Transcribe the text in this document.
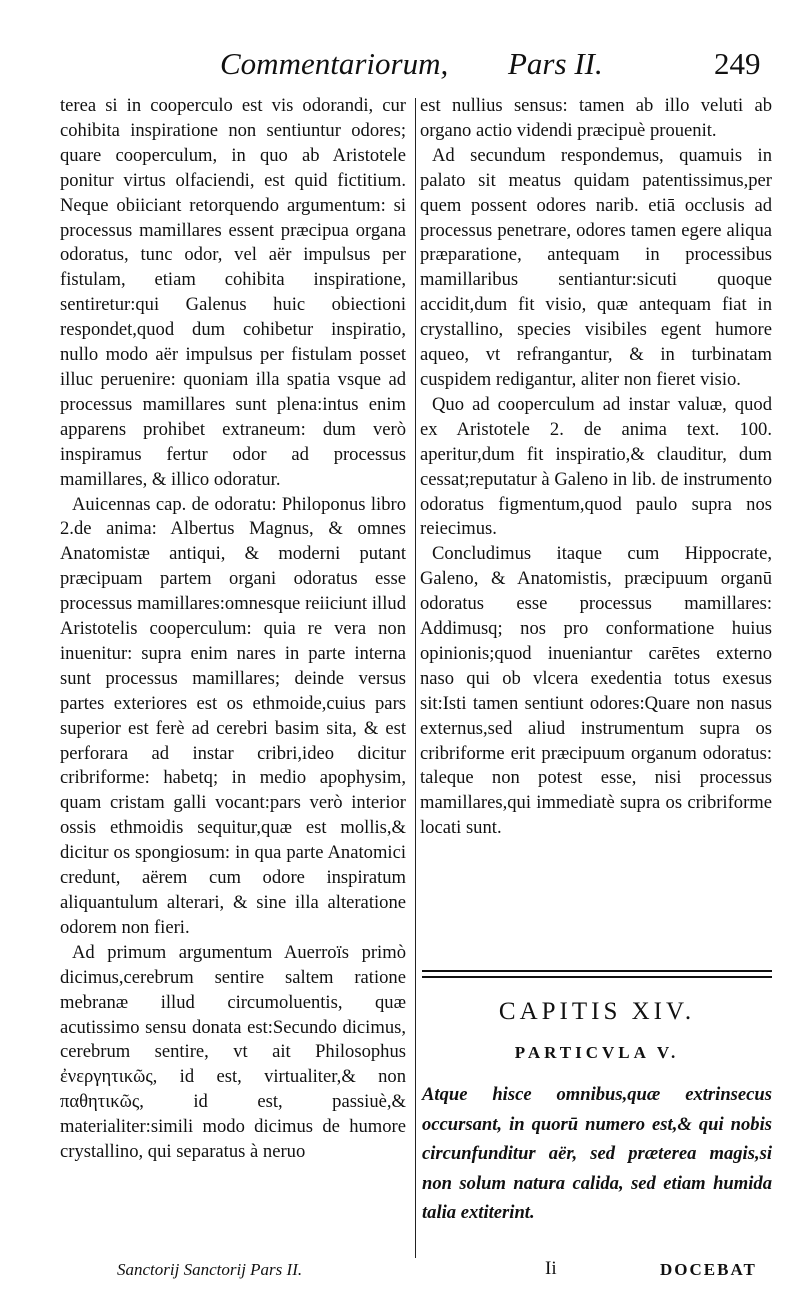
Commentariorum, Pars II.	249

terea si in cooperculo est vis odorandi, cur cohibita inspiratione non sentiuntur odores; quare cooperculum, in quo ab Aristotele ponitur virtus olfaciendi, est quid fictitium. Neque obiiciant retorquendo argumentum: si processus mamillares essent præcipua organa odoratus, tunc odor, vel aër impulsus per fistulam, etiam cohibita inspiratione, sentiretur:qui Galenus huic obiectioni respondet,quod dum cohibetur inspiratio, nullo modo aër impulsus per fistulam posset illuc peruenire: quoniam illa spatia vsque ad processus mamillares sunt plena:intus enim apparens prohibet extraneum: dum verò inspiramus fertur odor ad processus mamillares, & illico odoratur.

Auicennas cap. de odoratu: Philoponus libro 2.de anima: Albertus Magnus, & omnes Anatomistæ antiqui, & moderni putant præcipuam partem organi odoratus esse processus mamillares:omnesque reiiciunt illud Aristotelis cooperculum: quia re vera non inuenitur: supra enim nares in parte interna sunt processus mamillares; deinde versus partes exteriores est os ethmoide,cuius pars superior est ferè ad cerebri basim sita, & est perforara ad instar cribri,ideo dicitur cribriforme: habetq; in medio apophysim, quam cristam galli vocant:pars verò interior ossis ethmoidis sequitur,quæ est mollis,& dicitur os spongiosum: in qua parte Anatomici credunt, aërem cum odore inspiratum aliquantulum alterari, & sine illa alteratione odorem non fieri.

Ad primum argumentum Auerroïs primò dicimus,cerebrum sentire saltem ratione mebranæ illud circumoluentis, quæ acutissimo sensu donata est:Secundo dicimus, cerebrum sentire, vt ait Philosophus ἐνεργητικῶς, id est, virtualiter,& non παθητικῶς, id est, passiuè,& materialiter:simili modo dicimus de humore crystallino, qui separatus à neruo

est nullius sensus: tamen ab illo veluti ab organo actio videndi præcipuè prouenit.

Ad secundum respondemus, quamuis in palato sit meatus quidam patentissimus,per quem possent odores narib. etiā occlusis ad processus penetrare, odores tamen egere aliqua præparatione, antequam in processibus mamillaribus sentiantur:sicuti quoque accidit,dum fit visio, quæ antequam fiat in crystallino, species visibiles egent humore aqueo, vt refrangantur, & in turbinatam cuspidem redigantur, aliter non fieret visio.

Quo ad cooperculum ad instar valuæ, quod ex Aristotele 2. de anima text. 100. aperitur,dum fit inspiratio,& clauditur, dum cessat;reputatur à Galeno in lib. de instrumento odoratus figmentum,quod paulo supra nos reiecimus.

Concludimus itaque cum Hippocrate, Galeno, & Anatomistis, præcipuum organū odoratus esse processus mamillares: Addimusq; nos pro conformatione huius opinionis;quod inueniantur carētes externo naso qui ob vlcera exedentia totus exesus sit:Isti tamen sentiunt odores:Quare non nasus externus,sed aliud instrumentum supra os cribriforme erit præcipuum organum odoratus: taleque non potest esse, nisi processus mamillares,qui immediatè supra os cribriforme locati sunt.

CAPITIS XIV.
PARTICVLA V.
Atque hisce omnibus,quæ extrinsecus occursant, in quorū numero est,& qui nobis circunfunditur aër, sed præterea magis,si non solum natura calida, sed etiam humida talia extiterint.
Sanctorij Sanctorij Pars II.	Ii	DOCEBAT
